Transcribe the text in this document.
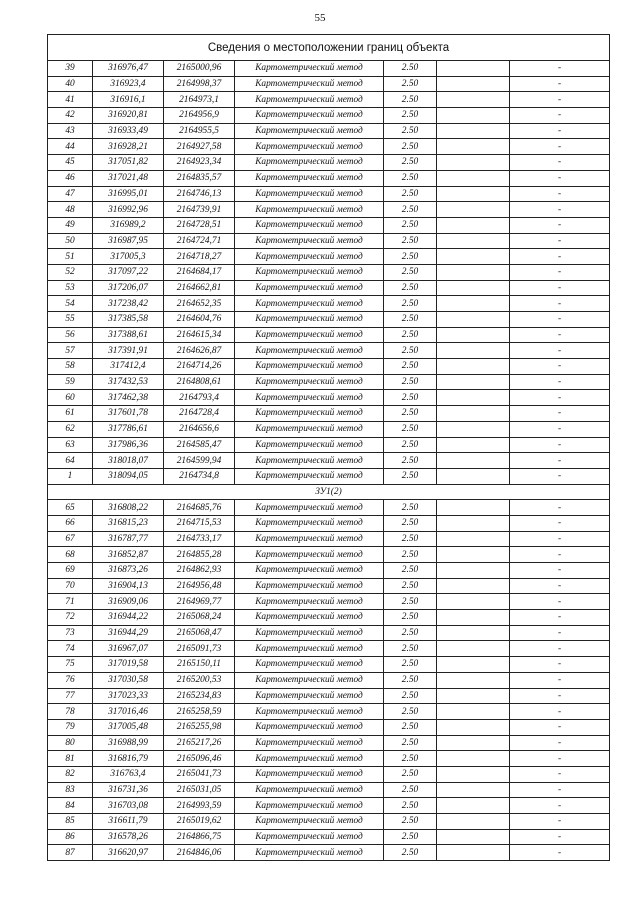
55
Сведения о местоположении границ объекта						
39	316976,47	2165000,96	Картометрический метод	2.50		-
40	316923,4	2164998,37	Картометрический метод	2.50		-
41	316916,1	2164973,1	Картометрический метод	2.50		-
42	316920,81	2164956,9	Картометрический метод	2.50		-
43	316933,49	2164955,5	Картометрический метод	2.50		-
44	316928,21	2164927,58	Картометрический метод	2.50		-
45	317051,82	2164923,34	Картометрический метод	2.50		-
46	317021,48	2164835,57	Картометрический метод	2.50		-
47	316995,01	2164746,13	Картометрический метод	2.50		-
48	316992,96	2164739,91	Картометрический метод	2.50		-
49	316989,2	2164728,51	Картометрический метод	2.50		-
50	316987,95	2164724,71	Картометрический метод	2.50		-
51	317005,3	2164718,27	Картометрический метод	2.50		-
52	317097,22	2164684,17	Картометрический метод	2.50		-
53	317206,07	2164662,81	Картометрический метод	2.50		-
54	317238,42	2164652,35	Картометрический метод	2.50		-
55	317385,58	2164604,76	Картометрический метод	2.50		-
56	317388,61	2164615,34	Картометрический метод	2.50		-
57	317391,91	2164626,87	Картометрический метод	2.50		-
58	317412,4	2164714,26	Картометрический метод	2.50		-
59	317432,53	2164808,61	Картометрический метод	2.50		-
60	317462,38	2164793,4	Картометрический метод	2.50		-
61	317601,78	2164728,4	Картометрический метод	2.50		-
62	317786,61	2164656,6	Картометрический метод	2.50		-
63	317986,36	2164585,47	Картометрический метод	2.50		-
64	318018,07	2164599,94	Картометрический метод	2.50		-
1	318094,05	2164734,8	Картометрический метод	2.50		-
ЗУ1(2)						
65	316808,22	2164685,76	Картометрический метод	2.50		-
66	316815,23	2164715,53	Картометрический метод	2.50		-
67	316787,77	2164733,17	Картометрический метод	2.50		-
68	316852,87	2164855,28	Картометрический метод	2.50		-
69	316873,26	2164862,93	Картометрический метод	2.50		-
70	316904,13	2164956,48	Картометрический метод	2.50		-
71	316909,06	2164969,77	Картометрический метод	2.50		-
72	316944,22	2165068,24	Картометрический метод	2.50		-
73	316944,29	2165068,47	Картометрический метод	2.50		-
74	316967,07	2165091,73	Картометрический метод	2.50		-
75	317019,58	2165150,11	Картометрический метод	2.50		-
76	317030,58	2165200,53	Картометрический метод	2.50		-
77	317023,33	2165234,83	Картометрический метод	2.50		-
78	317016,46	2165258,59	Картометрический метод	2.50		-
79	317005,48	2165255,98	Картометрический метод	2.50		-
80	316988,99	2165217,26	Картометрический метод	2.50		-
81	316816,79	2165096,46	Картометрический метод	2.50		-
82	316763,4	2165041,73	Картометрический метод	2.50		-
83	316731,36	2165031,05	Картометрический метод	2.50		-
84	316703,08	2164993,59	Картометрический метод	2.50		-
85	316611,79	2165019,62	Картометрический метод	2.50		-
86	316578,26	2164866,75	Картометрический метод	2.50		-
87	316620,97	2164846,06	Картометрический метод	2.50		-
